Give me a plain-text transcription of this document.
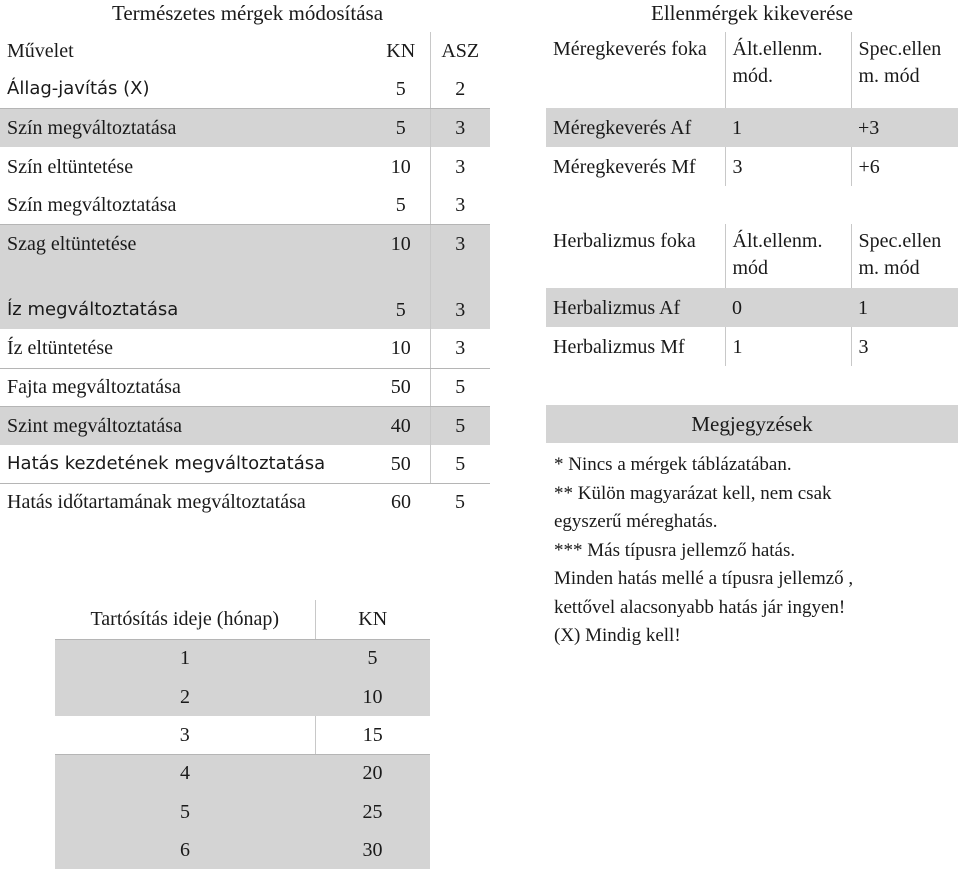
Természetes mérgek módosítása
Művelet	KN	ASZ
Állag-javítás (X)	5	2
Szín megváltoztatása	5	3
Szín eltüntetése	10	3
Szín megváltoztatása	5	3
Szag eltüntetése	10	3
Íz megváltoztatása	5	3
Íz eltüntetése	10	3
Fajta megváltoztatása	50	5
Szint megváltoztatása	40	5
Hatás kezdetének megváltoztatása	50	5
Hatás időtartamának megváltoztatása	60	5
Tartósítás ideje (hónap)	KN
1	5
2	10
3	15
4	20
5	25
6	30
Ellenmérgek kikeverése
Méregkeverés foka	Ált.ellenm. mód.	Spec.ellenm. mód
Méregkeverés Af	1	+3
Méregkeverés Mf	3	+6
Herbalizmus foka	Ált.ellenm. mód	Spec.ellenm. mód
Herbalizmus Af	0	1
Herbalizmus Mf	1	3
Megjegyzések
* Nincs a mérgek táblázatában.
** Külön magyarázat kell, nem csak
egyszerű méreghatás.
*** Más típusra jellemző hatás.
Minden hatás mellé a típusra jellemző ,
kettővel alacsonyabb hatás jár ingyen!
(X) Mindig kell!
